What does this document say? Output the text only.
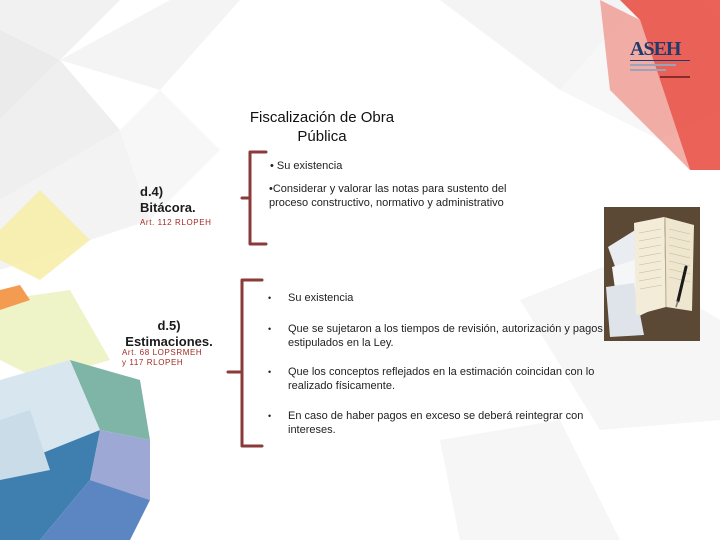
ASEH
Fiscalización de Obra
Pública
d.4)
Bitácora.
Art. 112 RLOPEH
• Su existencia
•Considerar y valorar las notas para sustento del proceso constructivo, normativo y administrativo
d.5)
Estimaciones.
Art. 68 LOPSRMEH
y 117 RLOPEH
• Su existencia
• Que se sujetaron a los tiempos de revisión, autorización y pagos estipulados en la Ley.
• Que los conceptos reflejados en la estimación coincidan con lo realizado físicamente.
• En caso de haber pagos en exceso se deberá reintegrar con intereses.
